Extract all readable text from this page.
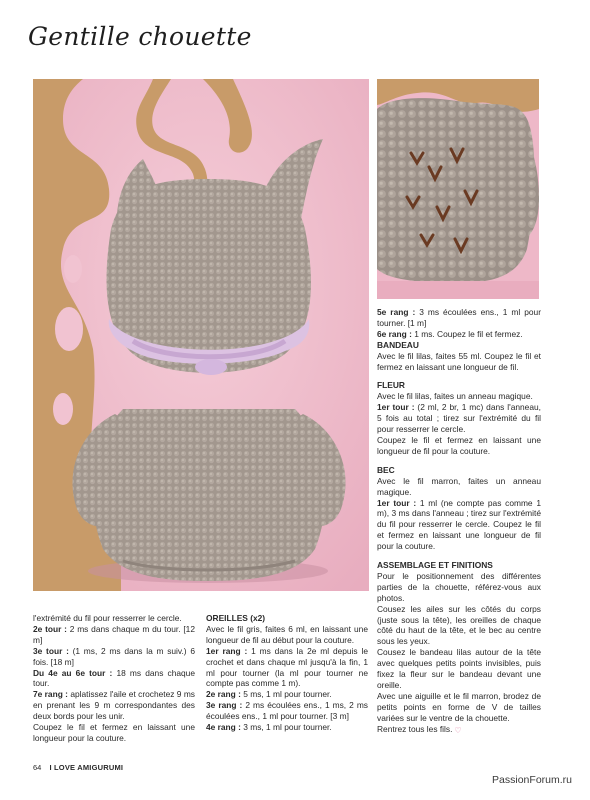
Gentille chouette

l'extrémité du fil pour resserrer le cercle.

2e tour : 2 ms dans chaque m du tour. [12 m]

3e tour : (1 ms, 2 ms dans la m suiv.) 6 fois. [18 m]

Du 4e au 6e tour : 18 ms dans chaque tour.

7e rang : aplatissez l'aile et crochetez 9 ms en prenant les 9 m correspondantes des deux bords pour les unir.

Coupez le fil et fermez en laissant une longueur pour la couture.

OREILLES (x2)

Avec le fil gris, faites 6 ml, en laissant une longueur de fil au début pour la couture.

1er rang : 1 ms dans la 2e ml depuis le crochet et dans chaque ml jusqu'à la fin, 1 ml pour tourner (la ml pour tourner ne compte pas comme 1 m).

2e rang : 5 ms, 1 ml pour tourner.

3e rang : 2 ms écoulées ens., 1 ms, 2 ms écoulées ens., 1 ml pour tourner. [3 m]

4e rang : 3 ms, 1 ml pour tourner.

5e rang : 3 ms écoulées ens., 1 ml pour tourner. [1 m]

6e rang : 1 ms. Coupez le fil et fermez.

BANDEAU

Avec le fil lilas, faites 55 ml. Coupez le fil et fermez en laissant une longueur de fil.

FLEUR

Avec le fil lilas, faites un anneau magique.

1er tour : (2 ml, 2 br, 1 mc) dans l'anneau, 5 fois au total ; tirez sur l'extrémité du fil pour resserrer le cercle.

Coupez le fil et fermez en laissant une longueur de fil pour la couture.

BEC

Avec le fil marron, faites un anneau magique.

1er tour : 1 ml (ne compte pas comme 1 m), 3 ms dans l'anneau ; tirez sur l'extrémité du fil pour resserrer le cercle. Coupez le fil et fermez en laissant une longueur de fil pour la couture.

ASSEMBLAGE ET FINITIONS

Pour le positionnement des différentes parties de la chouette, référez-vous aux photos.

Cousez les ailes sur les côtés du corps (juste sous la tête), les oreilles de chaque côté du haut de la tête, et le bec au centre sous les yeux.

Cousez le bandeau lilas autour de la tête avec quelques petits points invisibles, puis fixez la fleur sur le bandeau devant une oreille.

Avec une aiguille et le fil marron, brodez de petits points en forme de V de tailles variées sur le ventre de la chouette.

Rentrez tous les fils. ♡

64 I LOVE AMIGURUMI
PassionForum.ru
